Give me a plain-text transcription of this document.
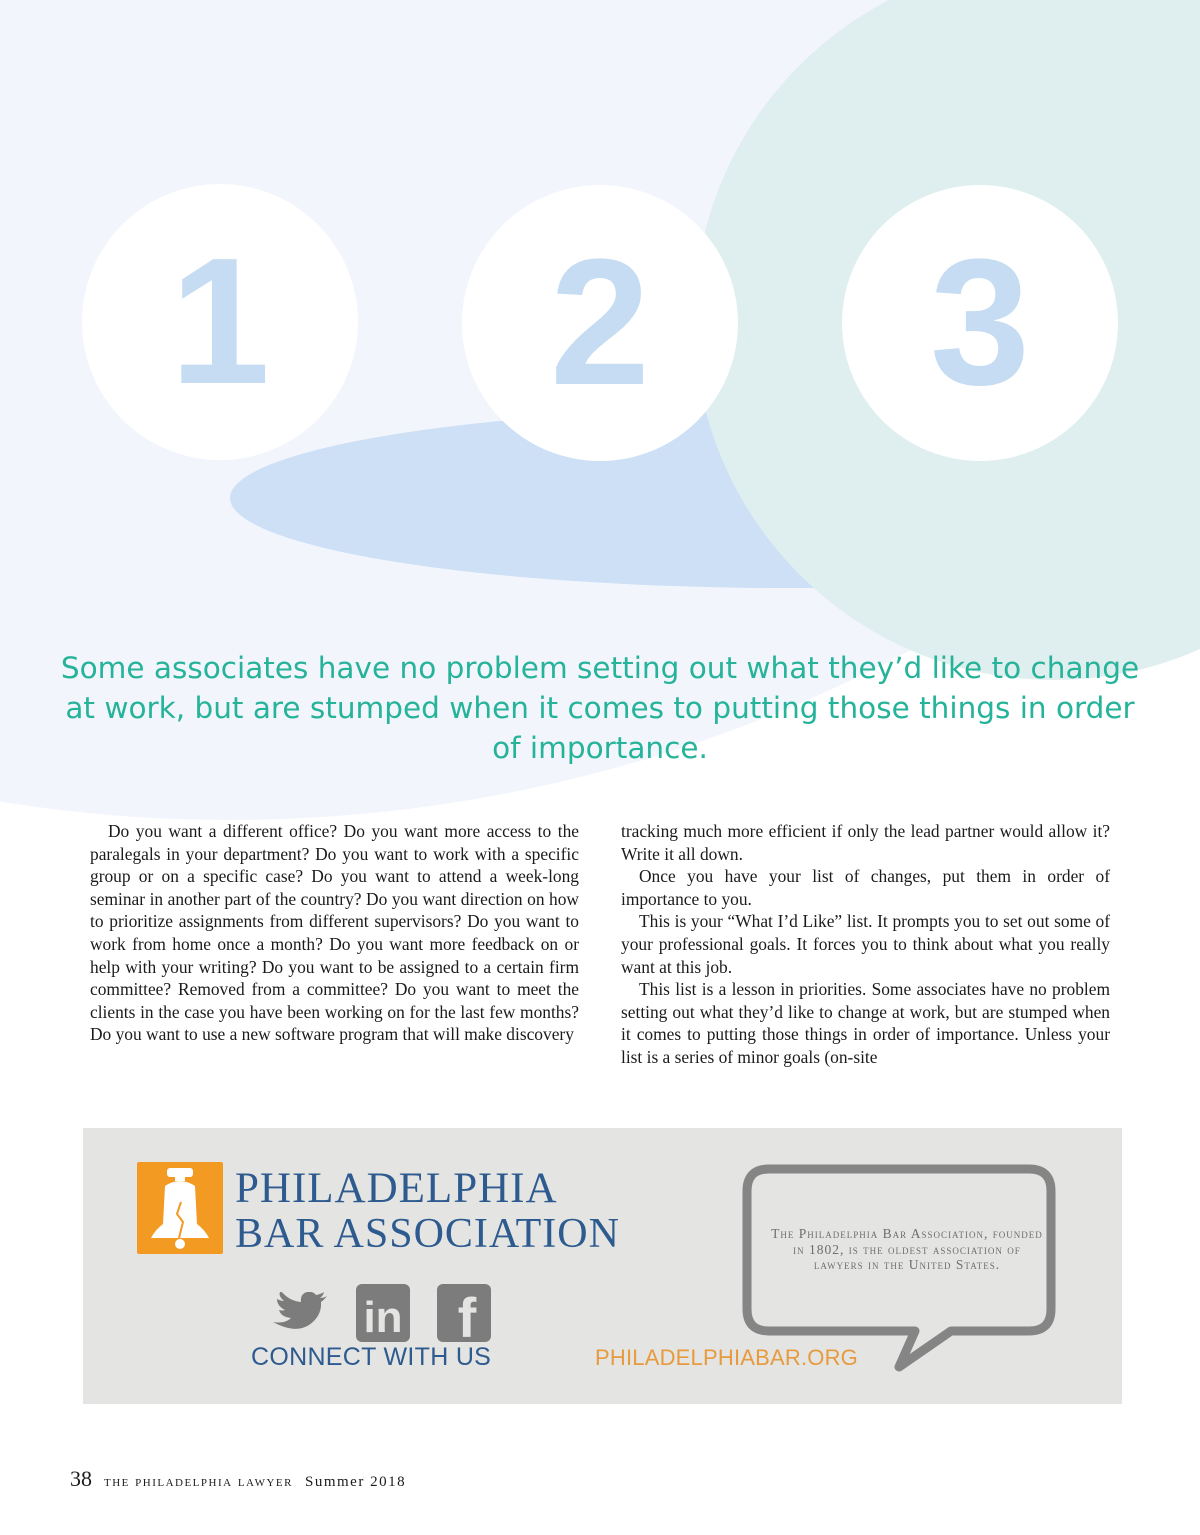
1 2 3
Some associates have no problem setting out what they’d like to change at work, but are stumped when it comes to putting those things in order of importance.

Do you want a different office? Do you want more access to the paralegals in your department? Do you want to work with a specific group or on a specific case? Do you want to attend a week-long seminar in another part of the country? Do you want direction on how to prioritize assignments from different supervisors? Do you want to work from home once a month? Do you want more feedback on or help with your writing? Do you want to be assigned to a certain firm committee? Removed from a committee? Do you want to meet the clients in the case you have been working on for the last few months? Do you want to use a new software program that will make discovery

tracking much more efficient if only the lead partner would allow it? Write it all down.

Once you have your list of changes, put them in order of importance to you.

This is your “What I’d Like” list. It prompts you to set out some of your professional goals. It forces you to think about what you really want at this job.

This list is a lesson in priorities. Some associates have no problem setting out what they’d like to change at work, but are stumped when it comes to putting those things in order of importance. Unless your list is a series of minor goals (on-site

PHILADELPHIA
BAR ASSOCIATION
in f
CONNECT WITH US

The Philadelphia Bar Association, founded in 1802, is the oldest association of lawyers in the United States.

PHILADELPHIABAR.ORG
38 the philadelphia lawyer Summer 2018
